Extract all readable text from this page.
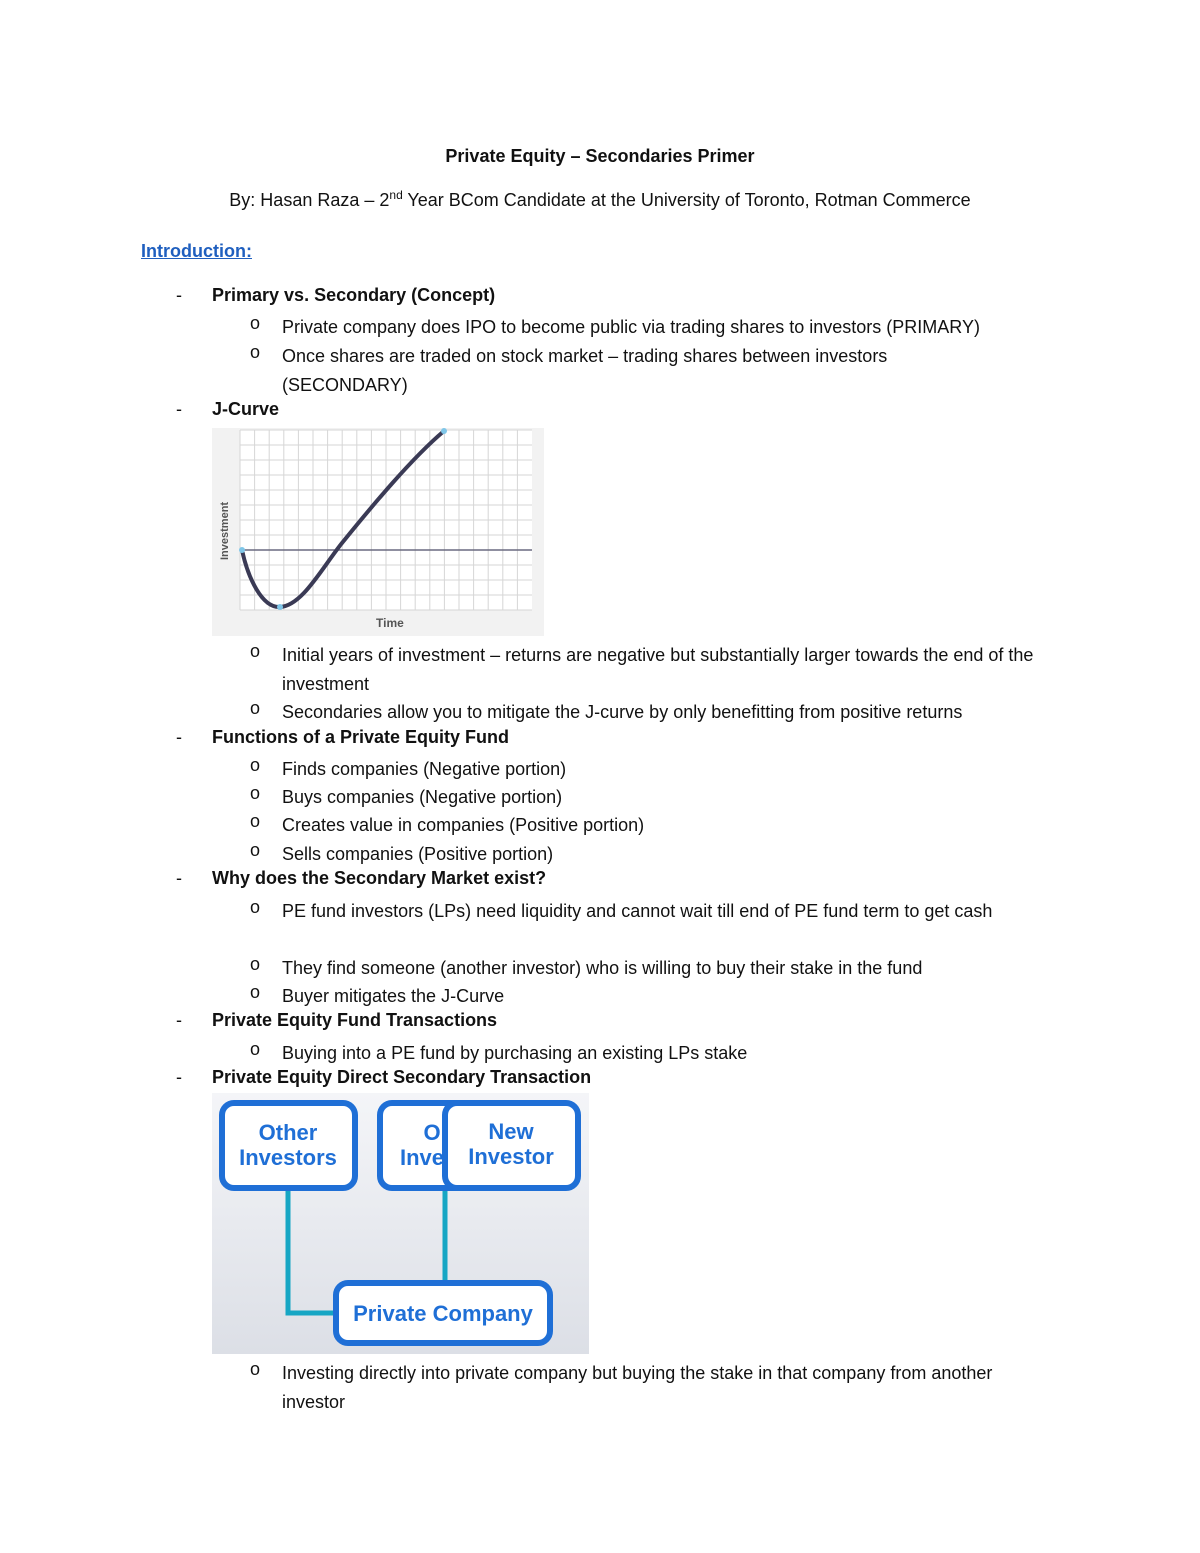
Private Equity – Secondaries Primer
By: Hasan Raza – 2nd Year BCom Candidate at the University of Toronto, Rotman Commerce
Introduction:
- Primary vs. Secondary (Concept)
o Private company does IPO to become public via trading shares to investors (PRIMARY)
o Once shares are traded on stock market – trading shares between investors (SECONDARY)
- J-Curve
Investment
Time
o Initial years of investment – returns are negative but substantially larger towards the end of the investment
o Secondaries allow you to mitigate the J-curve by only benefitting from positive returns
- Functions of a Private Equity Fund
o Finds companies (Negative portion)
o Buys companies (Negative portion)
o Creates value in companies (Positive portion)
o Sells companies (Positive portion)
- Why does the Secondary Market exist?
o PE fund investors (LPs) need liquidity and cannot wait till end of PE fund term to get cash
o They find someone (another investor) who is willing to buy their stake in the fund
o Buyer mitigates the J-Curve
- Private Equity Fund Transactions
o Buying into a PE fund by purchasing an existing LPs stake
- Private Equity Direct Secondary Transaction
Other
Investors
O
Inve
New
Investor
Private Company
o Investing directly into private company but buying the stake in that company from another investor
